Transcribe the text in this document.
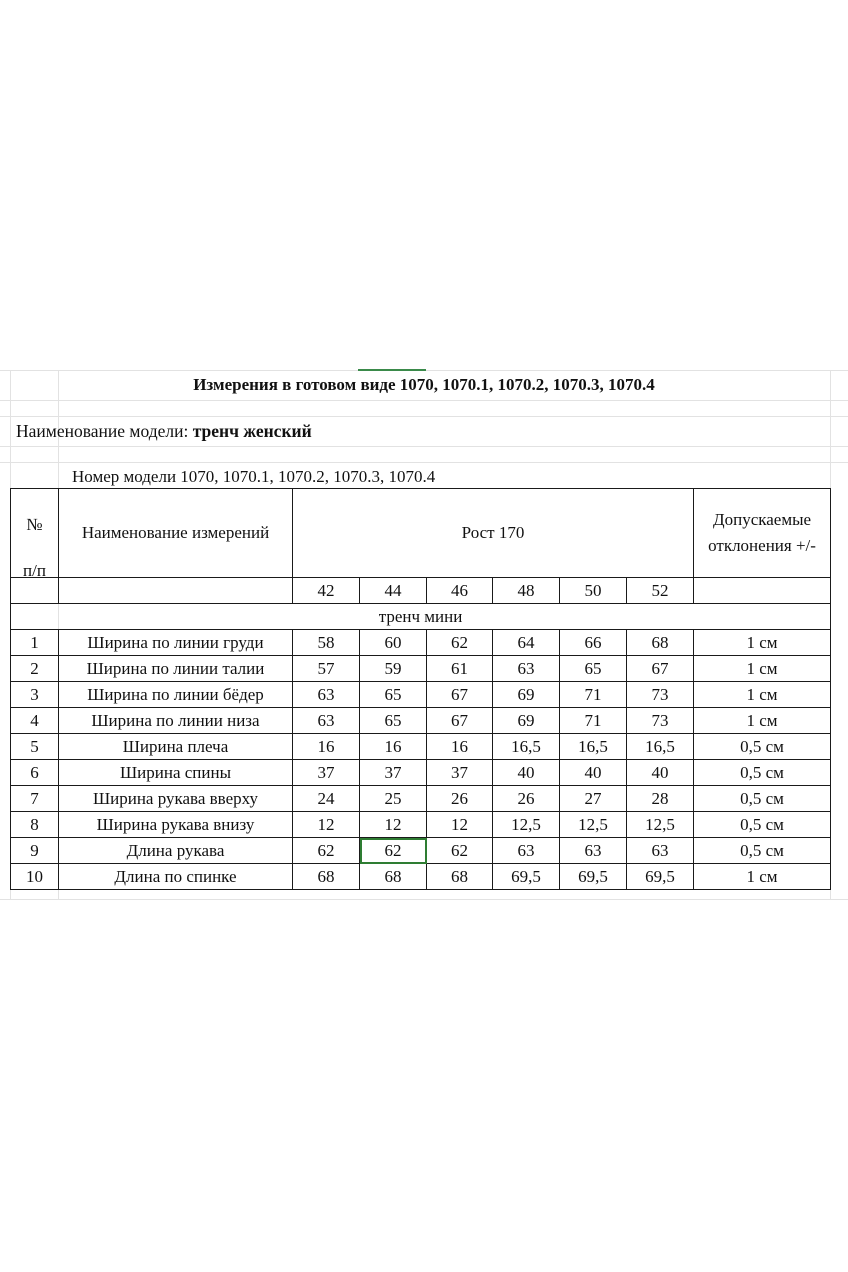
Измерения в готовом виде 1070, 1070.1, 1070.2, 1070.3, 1070.4
Наименование модели: тренч женский
Номер модели 1070, 1070.1, 1070.2, 1070.3, 1070.4
№
п/п	Наименование измерений	Рост 170						Допускаемые
отклонения +/-

		42	44	46	48	50	52	
тренч мини								
1	Ширина по линии груди	58	60	62	64	66	68	1 см
2	Ширина по линии талии	57	59	61	63	65	67	1 см
3	Ширина по линии бёдер	63	65	67	69	71	73	1 см
4	Ширина по линии низа	63	65	67	69	71	73	1 см
5	Ширина плеча	16	16	16	16,5	16,5	16,5	0,5 см
6	Ширина спины	37	37	37	40	40	40	0,5 см
7	Ширина рукава вверху	24	25	26	26	27	28	0,5 см
8	Ширина рукава внизу	12	12	12	12,5	12,5	12,5	0,5 см
9	Длина рукава	62	62	62	63	63	63	0,5 см
10	Длина по спинке	68	68	68	69,5	69,5	69,5	1 см
